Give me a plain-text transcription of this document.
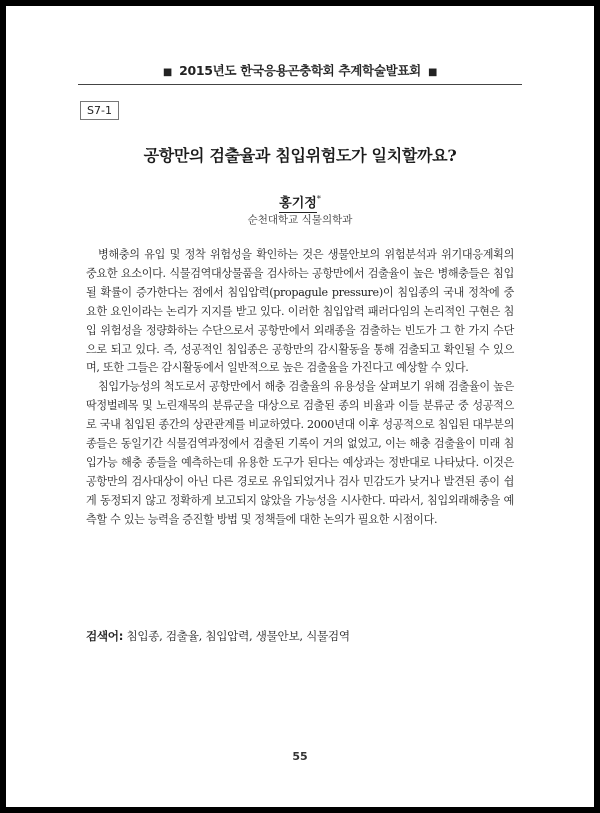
■ 2015년도 한국응용곤충학회 추계학술발표회 ■
S7-1
공항만의 검출율과 침입위험도가 일치할까요?
홍기정*
순천대학교 식물의학과

병해충의 유입 및 정착 위험성을 확인하는 것은 생물안보의 위험분석과 위기대응계획의 중요한 요소이다. 식물검역대상물품을 검사하는 공항만에서 검출율이 높은 병해충들은 침입될 확률이 증가한다는 점에서 침입압력(propagule pressure)이 침입종의 국내 정착에 중요한 요인이라는 논리가 지지를 받고 있다. 이러한 침입압력 패러다임의 논리적인 구현은 침입 위험성을 정량화하는 수단으로서 공항만에서 외래종을 검출하는 빈도가 그 한 가지 수단으로 되고 있다. 즉, 성공적인 침입종은 공항만의 감시활동을 통해 검출되고 확인될 수 있으며, 또한 그들은 감시활동에서 일반적으로 높은 검출율을 가진다고 예상할 수 있다.

침입가능성의 척도로서 공항만에서 해충 검출율의 유용성을 살펴보기 위해 검출율이 높은 딱정벌레목 및 노린재목의 분류군을 대상으로 검출된 종의 비율과 이들 분류군 중 성공적으로 국내 침입된 종간의 상관관계를 비교하였다. 2000년대 이후 성공적으로 침입된 대부분의 종들은 동일기간 식물검역과정에서 검출된 기록이 거의 없었고, 이는 해충 검출율이 미래 침입가능 해충 종들을 예측하는데 유용한 도구가 된다는 예상과는 정반대로 나타났다. 이것은 공항만의 검사대상이 아닌 다른 경로로 유입되었거나 검사 민감도가 낮거나 발견된 종이 쉽게 동정되지 않고 정확하게 보고되지 않았을 가능성을 시사한다. 따라서, 침입외래해충을 예측할 수 있는 능력을 증진할 방법 및 정책들에 대한 논의가 필요한 시점이다.

검색어: 침입종, 검출율, 침입압력, 생물안보, 식물검역
55
